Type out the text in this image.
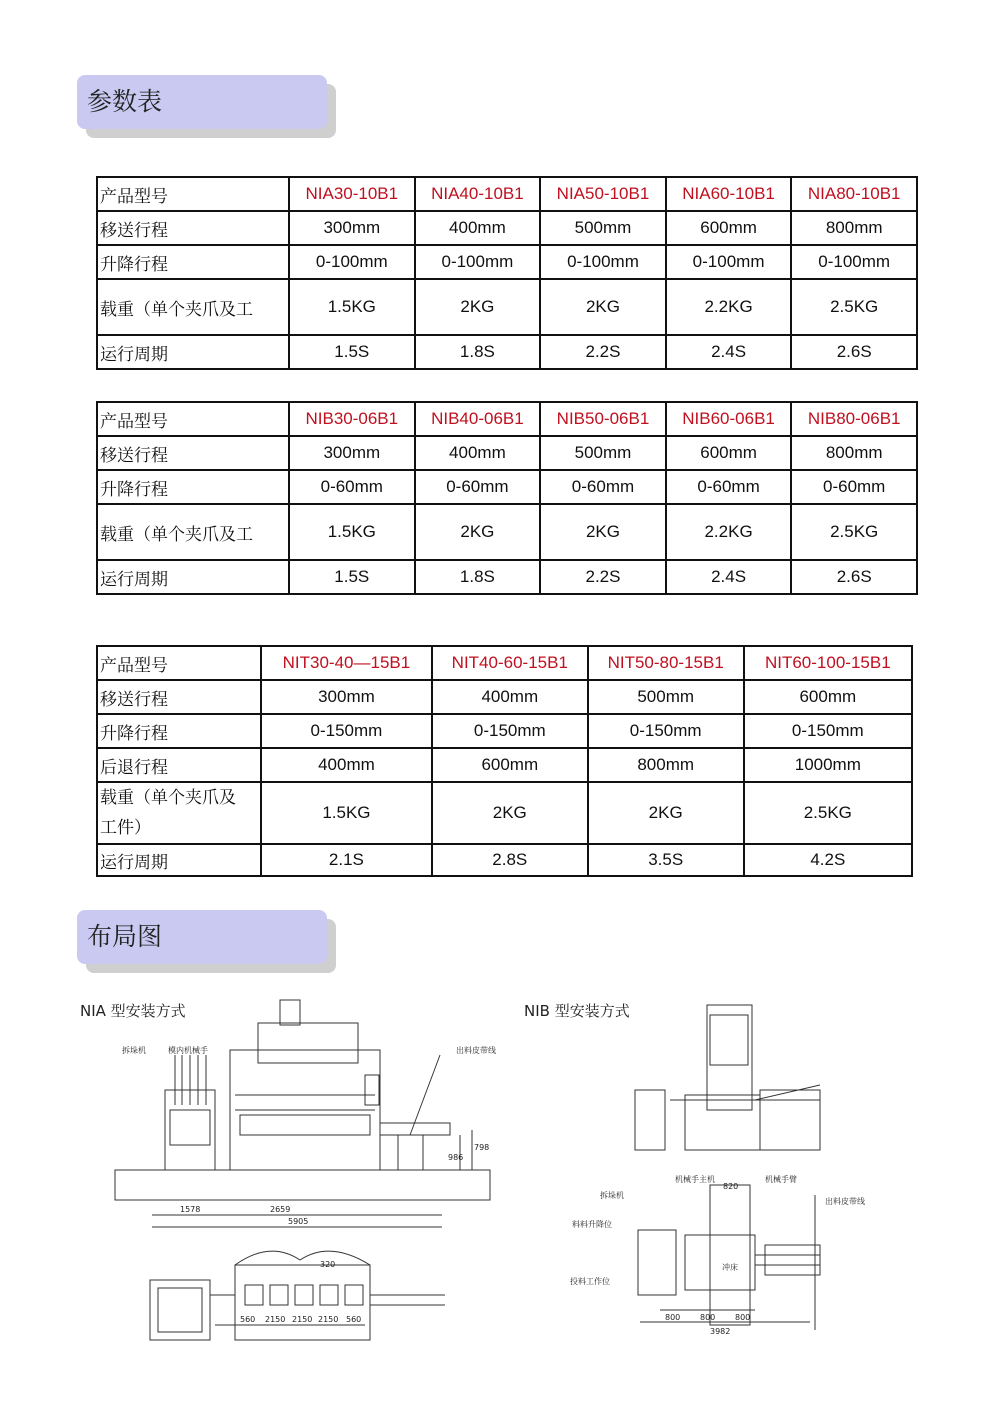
参数表
产品型号	NIA30-10B1	NIA40-10B1	NIA50-10B1	NIA60-10B1	NIA80-10B1

移送行程	300mm	400mm	500mm	600mm	800mm

升降行程	0-100mm	0-100mm	0-100mm	0-100mm	0-100mm

载重（单个夹爪及工	1.5KG	2KG	2KG	2.2KG	2.5KG

运行周期	1.5S	1.8S	2.2S	2.4S	2.6S
产品型号	NIB30-06B1	NIB40-06B1	NIB50-06B1	NIB60-06B1	NIB80-06B1

移送行程	300mm	400mm	500mm	600mm	800mm

升降行程	0-60mm	0-60mm	0-60mm	0-60mm	0-60mm

载重（单个夹爪及工	1.5KG	2KG	2KG	2.2KG	2.5KG

运行周期	1.5S	1.8S	2.2S	2.4S	2.6S
产品型号	NIT30-40—15B1	NIT40-60-15B1	NIT50-80-15B1	NIT60-100-15B1

移送行程	300mm	400mm	500mm	600mm

升降行程	0-150mm	0-150mm	0-150mm	0-150mm

后退行程	400mm	600mm	800mm	1000mm

载重（单个夹爪及
工件）	1.5KG	2KG	2KG	2.5KG

运行周期	2.1S	2.8S	3.5S	4.2S
布局图
NIA 型安装方式	NIB 型安装方式
拆垛机	模内机械手	出料皮带线
1578	2659
5905
986
798
320
560 2150 2150 2150 560
拆垛机
机械手主机	机械手臂
出料皮带线
料料升降位
投料工作位
冲床
820
800 800 800
3982
